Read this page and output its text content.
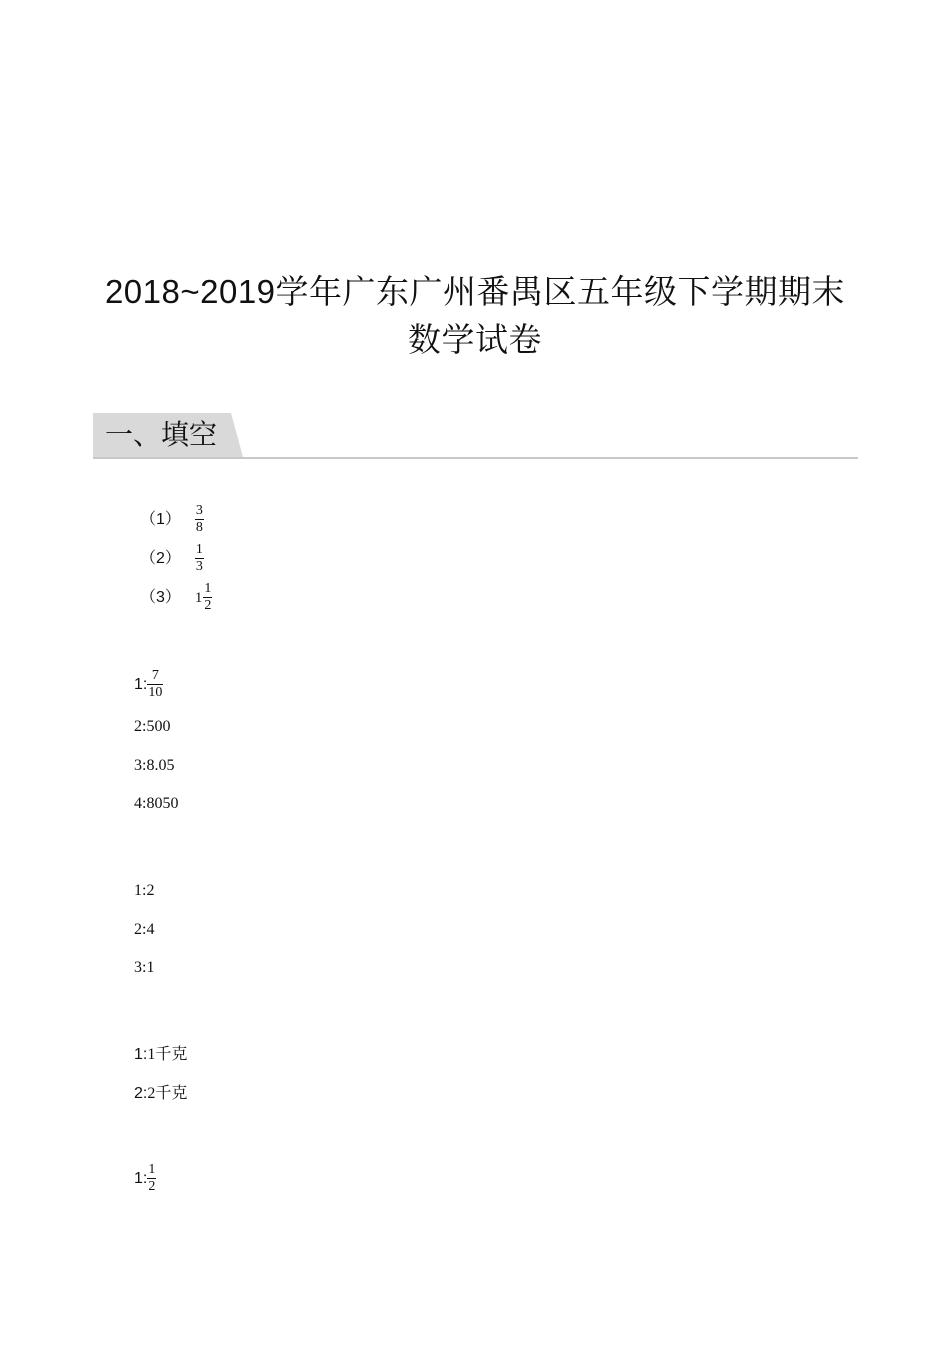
2018~2019学年广东广州番禺区五年级下学期期末
数学试卷
一、填空
$(1) \frac{3}{8}$
$(2) \frac{1}{3}$
（3） $1 \frac{1}{2}$
1: $\frac{7}{10}$
2:500
3:8.05
4:8050
1:2
2:4
3:1
1: 1 千克
2: 2 千克
1: $\frac{1}{2}$
